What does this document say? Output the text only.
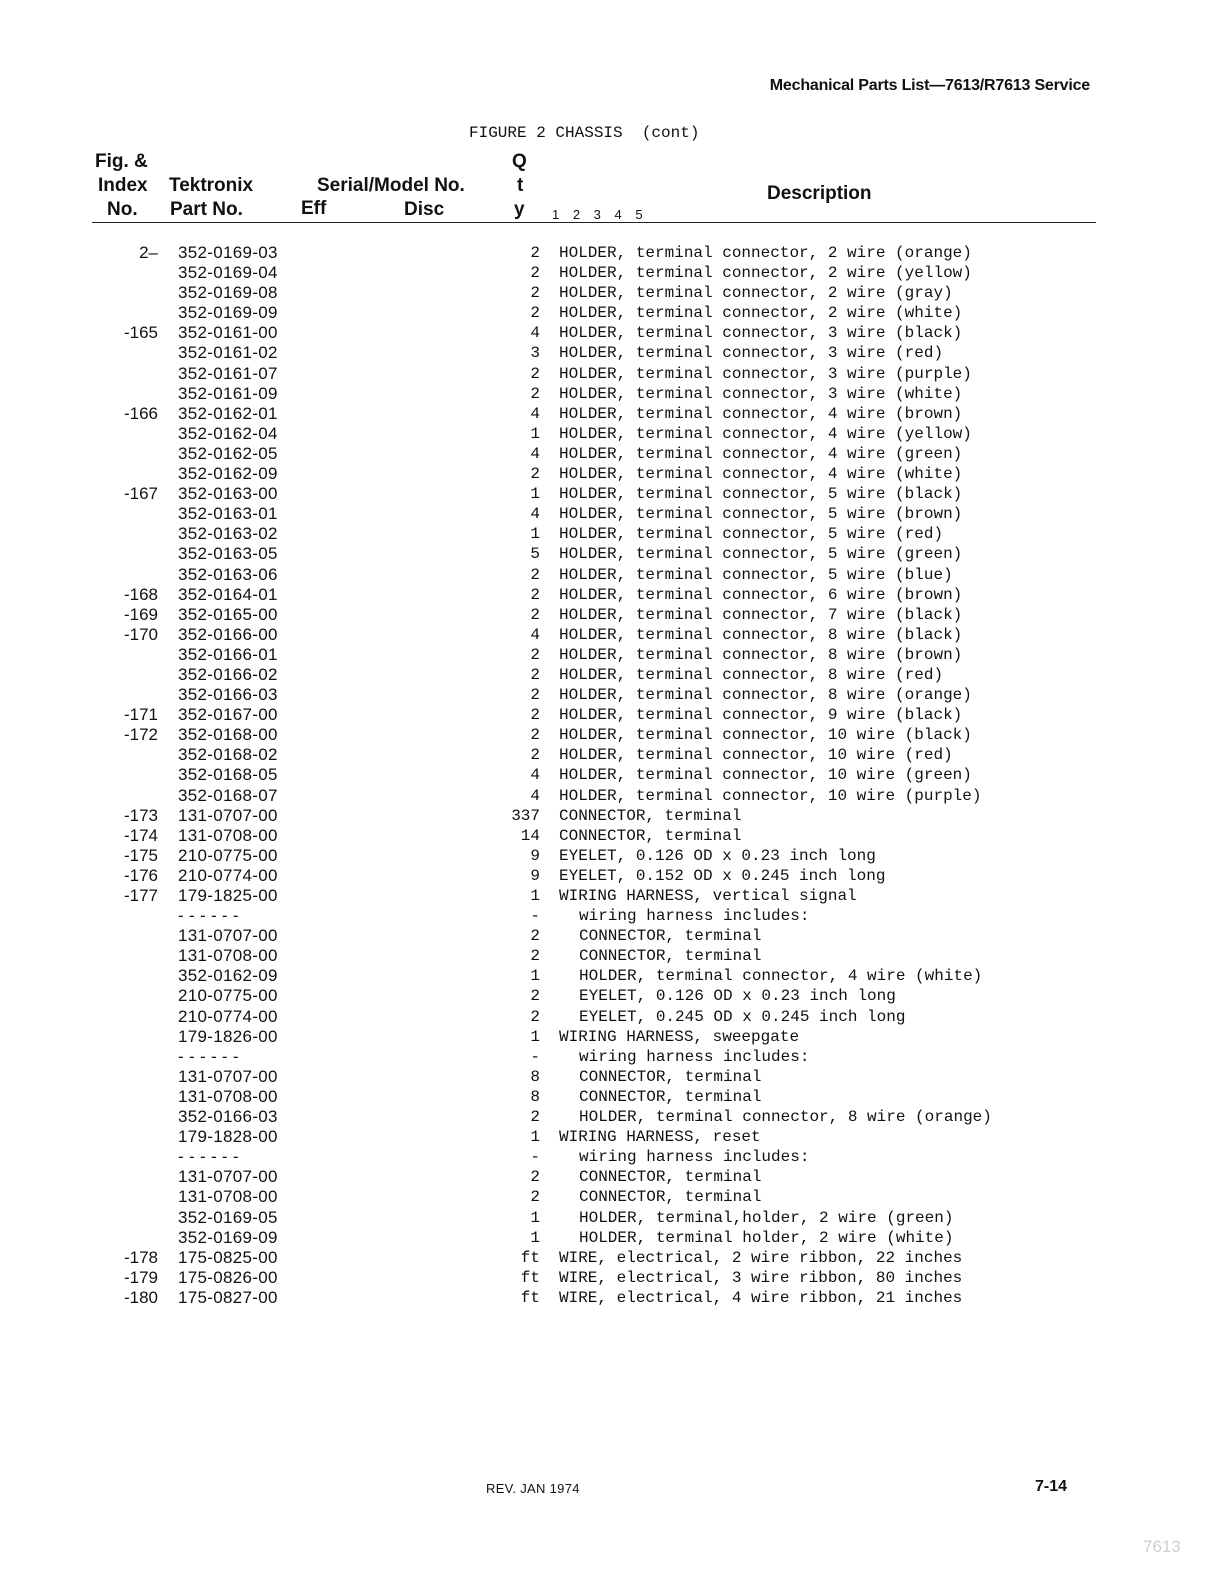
Mechanical Parts List—7613/R7613 Service
FIGURE 2 CHASSIS  (cont)
Fig. &
Index
No.
Tektronix
Part No.
Serial/Model No.
Eff	Disc
Q
t
y 1 2 3 4 5
Description
2– 352-0169-03	2 HOLDER, terminal connector, 2 wire (orange)
352-0169-04	2 HOLDER, terminal connector, 2 wire (yellow)
352-0169-08	2 HOLDER, terminal connector, 2 wire (gray)
352-0169-09	2 HOLDER, terminal connector, 2 wire (white)
-165 352-0161-00	4 HOLDER, terminal connector, 3 wire (black)
352-0161-02	3 HOLDER, terminal connector, 3 wire (red)
352-0161-07	2 HOLDER, terminal connector, 3 wire (purple)
352-0161-09	2 HOLDER, terminal connector, 3 wire (white)
-166 352-0162-01	4 HOLDER, terminal connector, 4 wire (brown)
352-0162-04	1 HOLDER, terminal connector, 4 wire (yellow)
352-0162-05	4 HOLDER, terminal connector, 4 wire (green)
352-0162-09	2 HOLDER, terminal connector, 4 wire (white)
-167 352-0163-00	1 HOLDER, terminal connector, 5 wire (black)
352-0163-01	4 HOLDER, terminal connector, 5 wire (brown)
352-0163-02	1 HOLDER, terminal connector, 5 wire (red)
352-0163-05	5 HOLDER, terminal connector, 5 wire (green)
352-0163-06	2 HOLDER, terminal connector, 5 wire (blue)
-168 352-0164-01	2 HOLDER, terminal connector, 6 wire (brown)
-169 352-0165-00	2 HOLDER, terminal connector, 7 wire (black)
-170 352-0166-00	4 HOLDER, terminal connector, 8 wire (black)
352-0166-01	2 HOLDER, terminal connector, 8 wire (brown)
352-0166-02	2 HOLDER, terminal connector, 8 wire (red)
352-0166-03	2 HOLDER, terminal connector, 8 wire (orange)
-171 352-0167-00	2 HOLDER, terminal connector, 9 wire (black)
-172 352-0168-00	2 HOLDER, terminal connector, 10 wire (black)
352-0168-02	2 HOLDER, terminal connector, 10 wire (red)
352-0168-05	4 HOLDER, terminal connector, 10 wire (green)
352-0168-07	4 HOLDER, terminal connector, 10 wire (purple)
-173 131-0707-00	337 CONNECTOR, terminal
-174 131-0708-00	14 CONNECTOR, terminal
-175 210-0775-00	9 EYELET, 0.126 OD x 0.23 inch long
-176 210-0774-00	9 EYELET, 0.152 OD x 0.245 inch long
-177 179-1825-00	1 WIRING HARNESS, vertical signal
- - - - - -	- wiring harness includes:
131-0707-00	2 CONNECTOR, terminal
131-0708-00	2 CONNECTOR, terminal
352-0162-09	1 HOLDER, terminal connector, 4 wire (white)
210-0775-00	2 EYELET, 0.126 OD x 0.23 inch long
210-0774-00	2 EYELET, 0.245 OD x 0.245 inch long
179-1826-00	1 WIRING HARNESS, sweepgate
- - - - - -	- wiring harness includes:
131-0707-00	8 CONNECTOR, terminal
131-0708-00	8 CONNECTOR, terminal
352-0166-03	2 HOLDER, terminal connector, 8 wire (orange)
179-1828-00	1 WIRING HARNESS, reset
- - - - - -	- wiring harness includes:
131-0707-00	2 CONNECTOR, terminal
131-0708-00	2 CONNECTOR, terminal
352-0169-05	1 HOLDER, terminal,holder, 2 wire (green)
352-0169-09	1 HOLDER, terminal holder, 2 wire (white)
-178 175-0825-00	ft WIRE, electrical, 2 wire ribbon, 22 inches
-179 175-0826-00	ft WIRE, electrical, 3 wire ribbon, 80 inches
-180 175-0827-00	ft WIRE, electrical, 4 wire ribbon, 21 inches
REV. JAN 1974	7-14
7613
